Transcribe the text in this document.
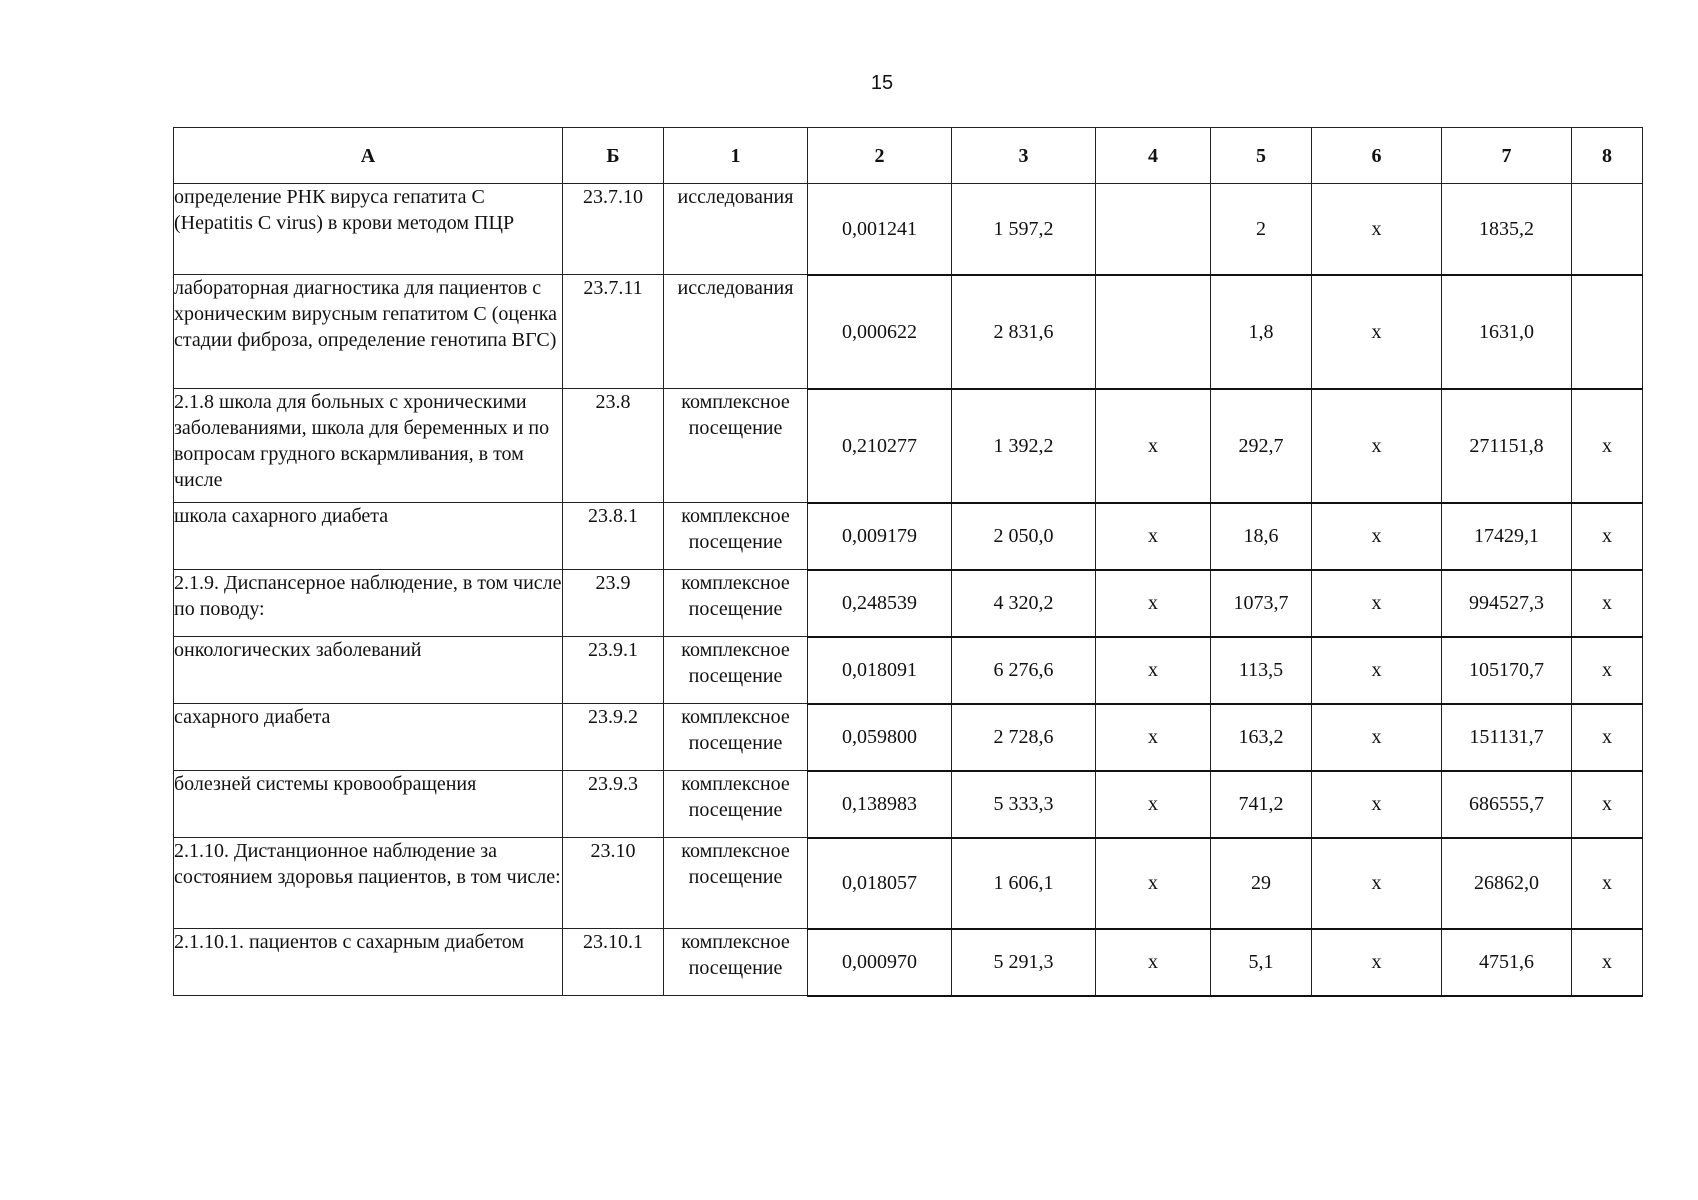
15
А	Б	1	2	3	4	5	6	7	8
определение РНК вируса гепатита С (Hepatitis C virus) в крови методом ПЦР	23.7.10	исследования	0,001241	1 597,2		2	х	1835,2	
лабораторная диагностика для пациентов с хроническим вирусным гепатитом С (оценка стадии фиброза, определение генотипа ВГС)	23.7.11	исследования	0,000622	2 831,6		1,8	х	1631,0	
2.1.8 школа для больных с хроническими заболеваниями, школа для беременных и по вопросам грудного вскармливания, в том числе	23.8	комплексное посещение	0,210277	1 392,2	х	292,7	х	271151,8	х
школа сахарного диабета	23.8.1	комплексное посещение	0,009179	2 050,0	х	18,6	х	17429,1	х
2.1.9. Диспансерное наблюдение, в том числе по поводу:	23.9	комплексное посещение	0,248539	4 320,2	х	1073,7	х	994527,3	х
онкологических заболеваний	23.9.1	комплексное посещение	0,018091	6 276,6	х	113,5	х	105170,7	х
сахарного диабета	23.9.2	комплексное посещение	0,059800	2 728,6	х	163,2	х	151131,7	х
болезней системы кровообращения	23.9.3	комплексное посещение	0,138983	5 333,3	х	741,2	х	686555,7	х
2.1.10. Дистанционное наблюдение за состоянием здоровья пациентов, в том числе:	23.10	комплексное посещение	0,018057	1 606,1	х	29	х	26862,0	х
2.1.10.1. пациентов с сахарным диабетом	23.10.1	комплексное посещение	0,000970	5 291,3	х	5,1	х	4751,6	х
